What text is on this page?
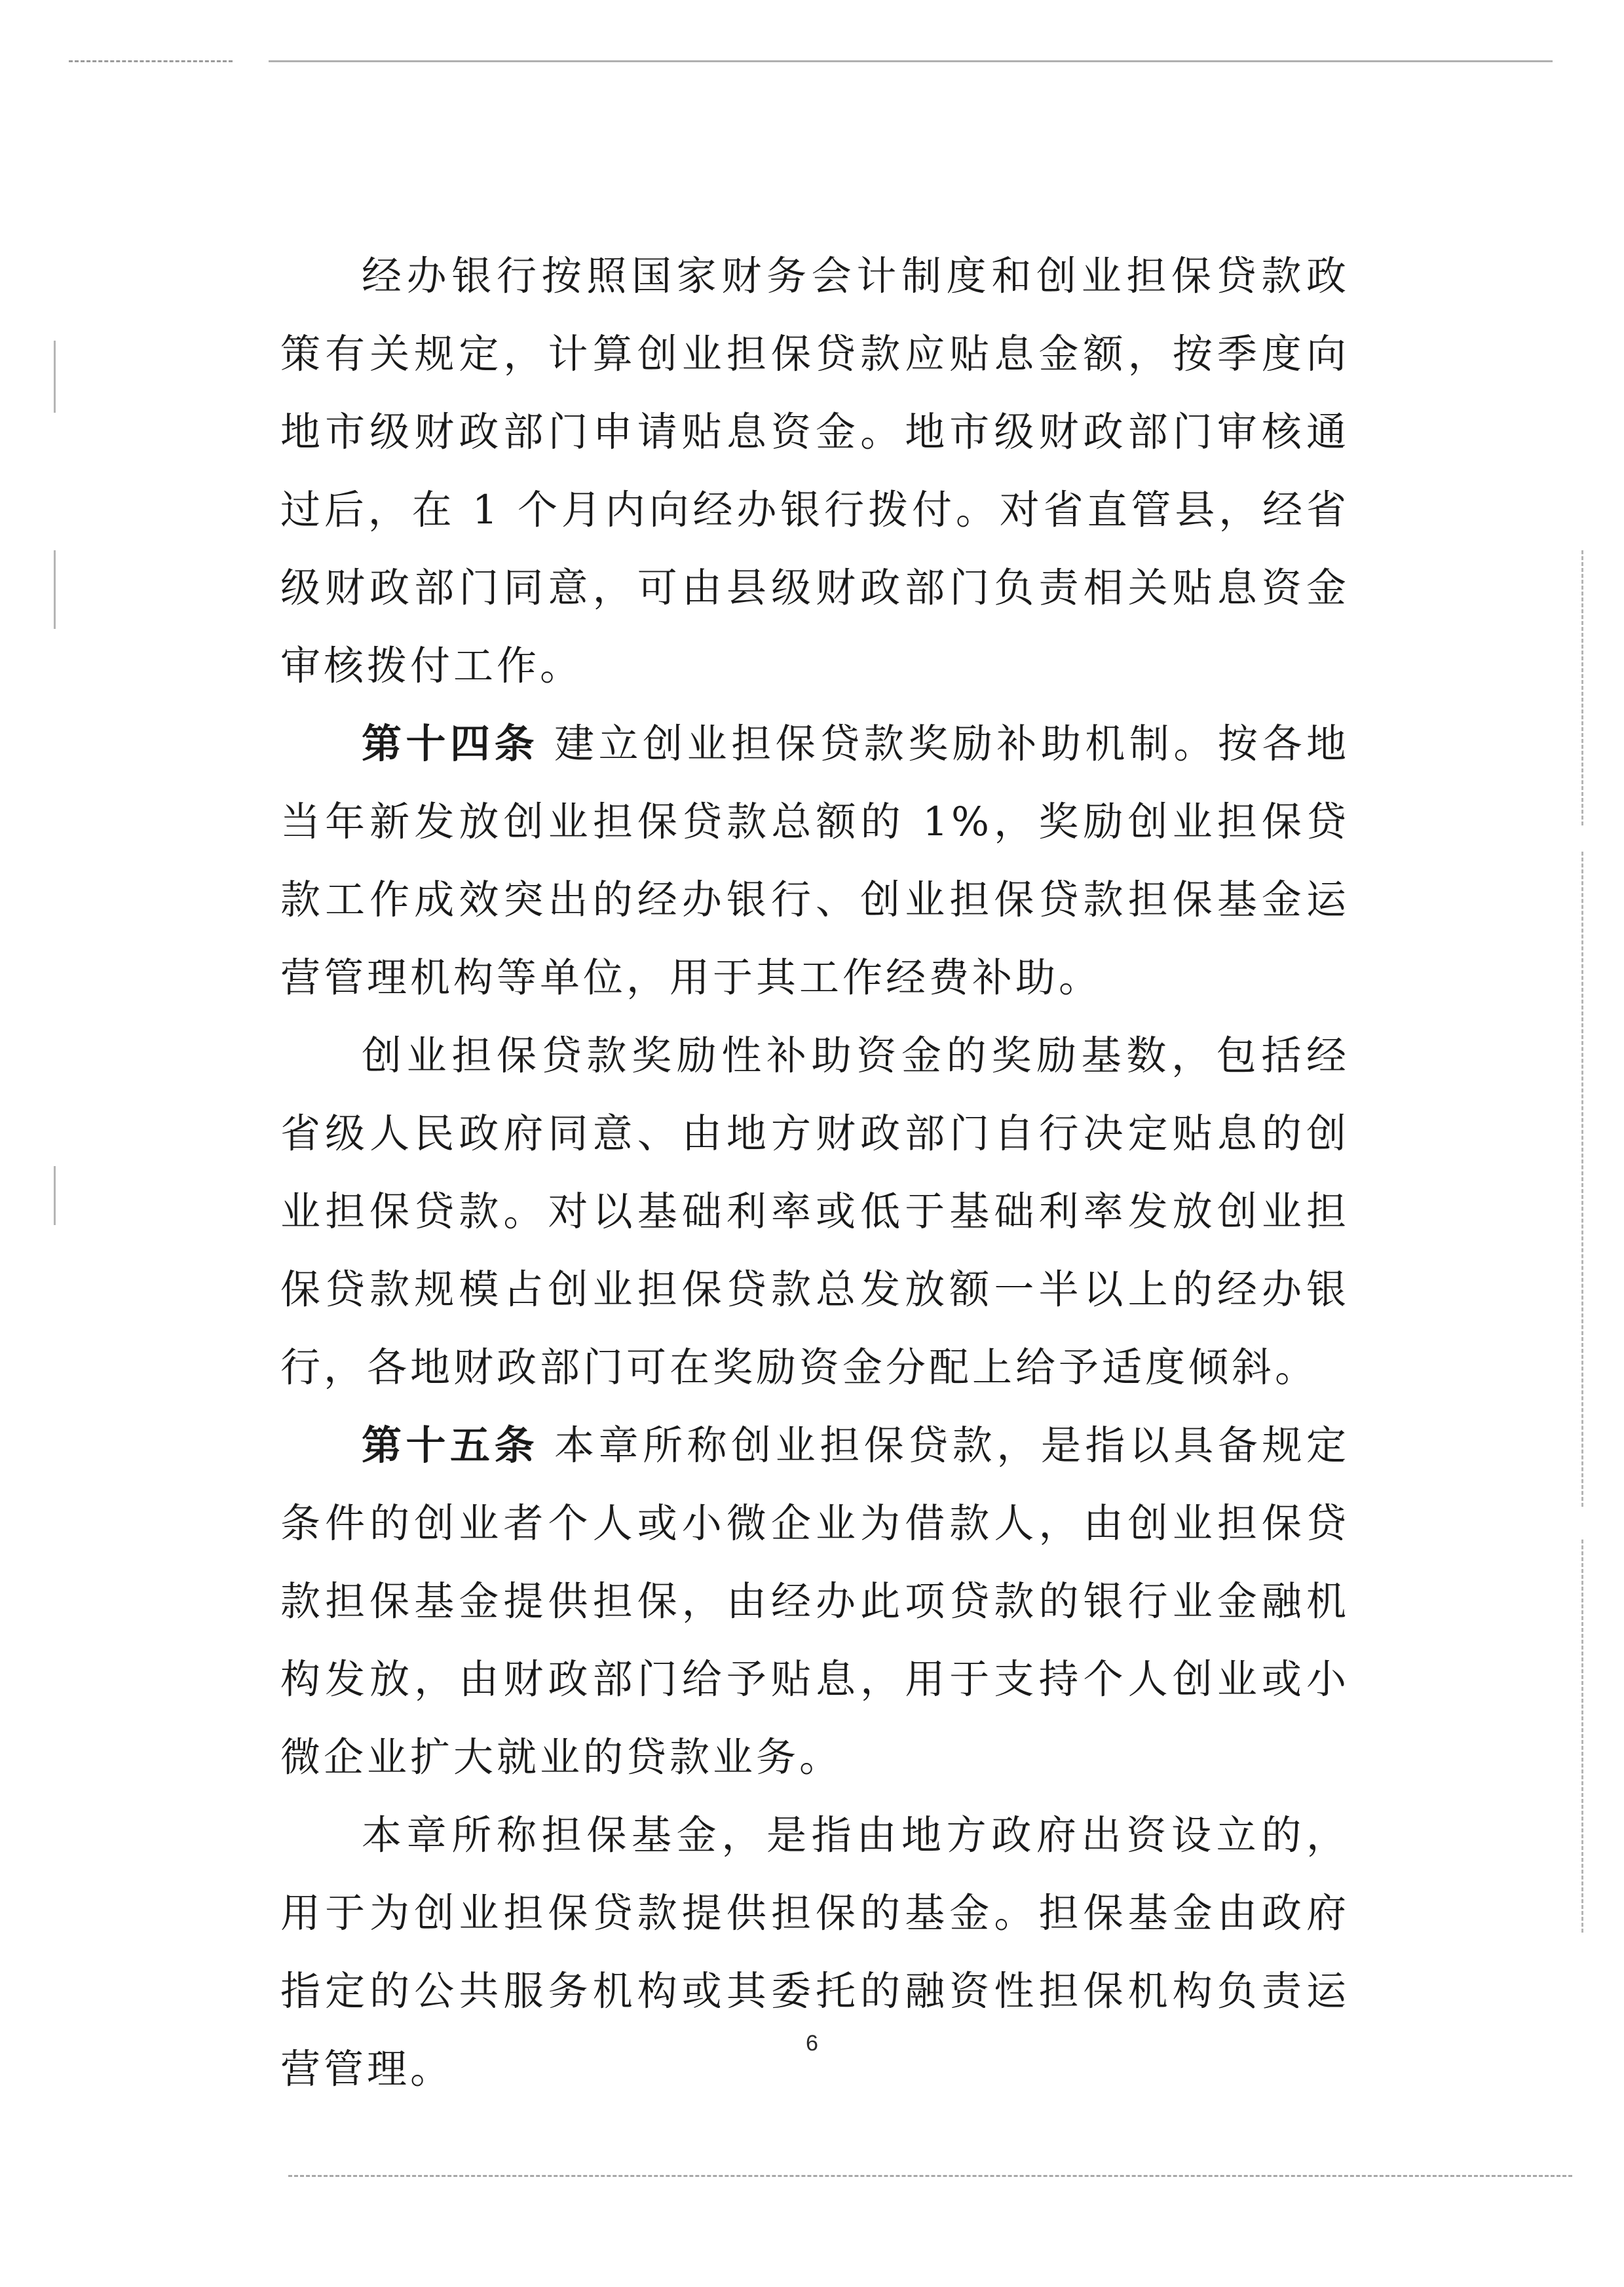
经办银行按照国家财务会计制度和创业担保贷款政策有关规定，计算创业担保贷款应贴息金额，按季度向地市级财政部门申请贴息资金。地市级财政部门审核通过后，在 1 个月内向经办银行拨付。对省直管县，经省级财政部门同意，可由县级财政部门负责相关贴息资金审核拨付工作。

第十四条 建立创业担保贷款奖励补助机制。按各地当年新发放创业担保贷款总额的 1%，奖励创业担保贷款工作成效突出的经办银行、创业担保贷款担保基金运营管理机构等单位，用于其工作经费补助。

创业担保贷款奖励性补助资金的奖励基数，包括经省级人民政府同意、由地方财政部门自行决定贴息的创业担保贷款。对以基础利率或低于基础利率发放创业担保贷款规模占创业担保贷款总发放额一半以上的经办银行，各地财政部门可在奖励资金分配上给予适度倾斜。

第十五条 本章所称创业担保贷款，是指以具备规定条件的创业者个人或小微企业为借款人，由创业担保贷款担保基金提供担保，由经办此项贷款的银行业金融机构发放，由财政部门给予贴息，用于支持个人创业或小微企业扩大就业的贷款业务。

本章所称担保基金，是指由地方政府出资设立的，用于为创业担保贷款提供担保的基金。担保基金由政府指定的公共服务机构或其委托的融资性担保机构负责运营管理。

6
